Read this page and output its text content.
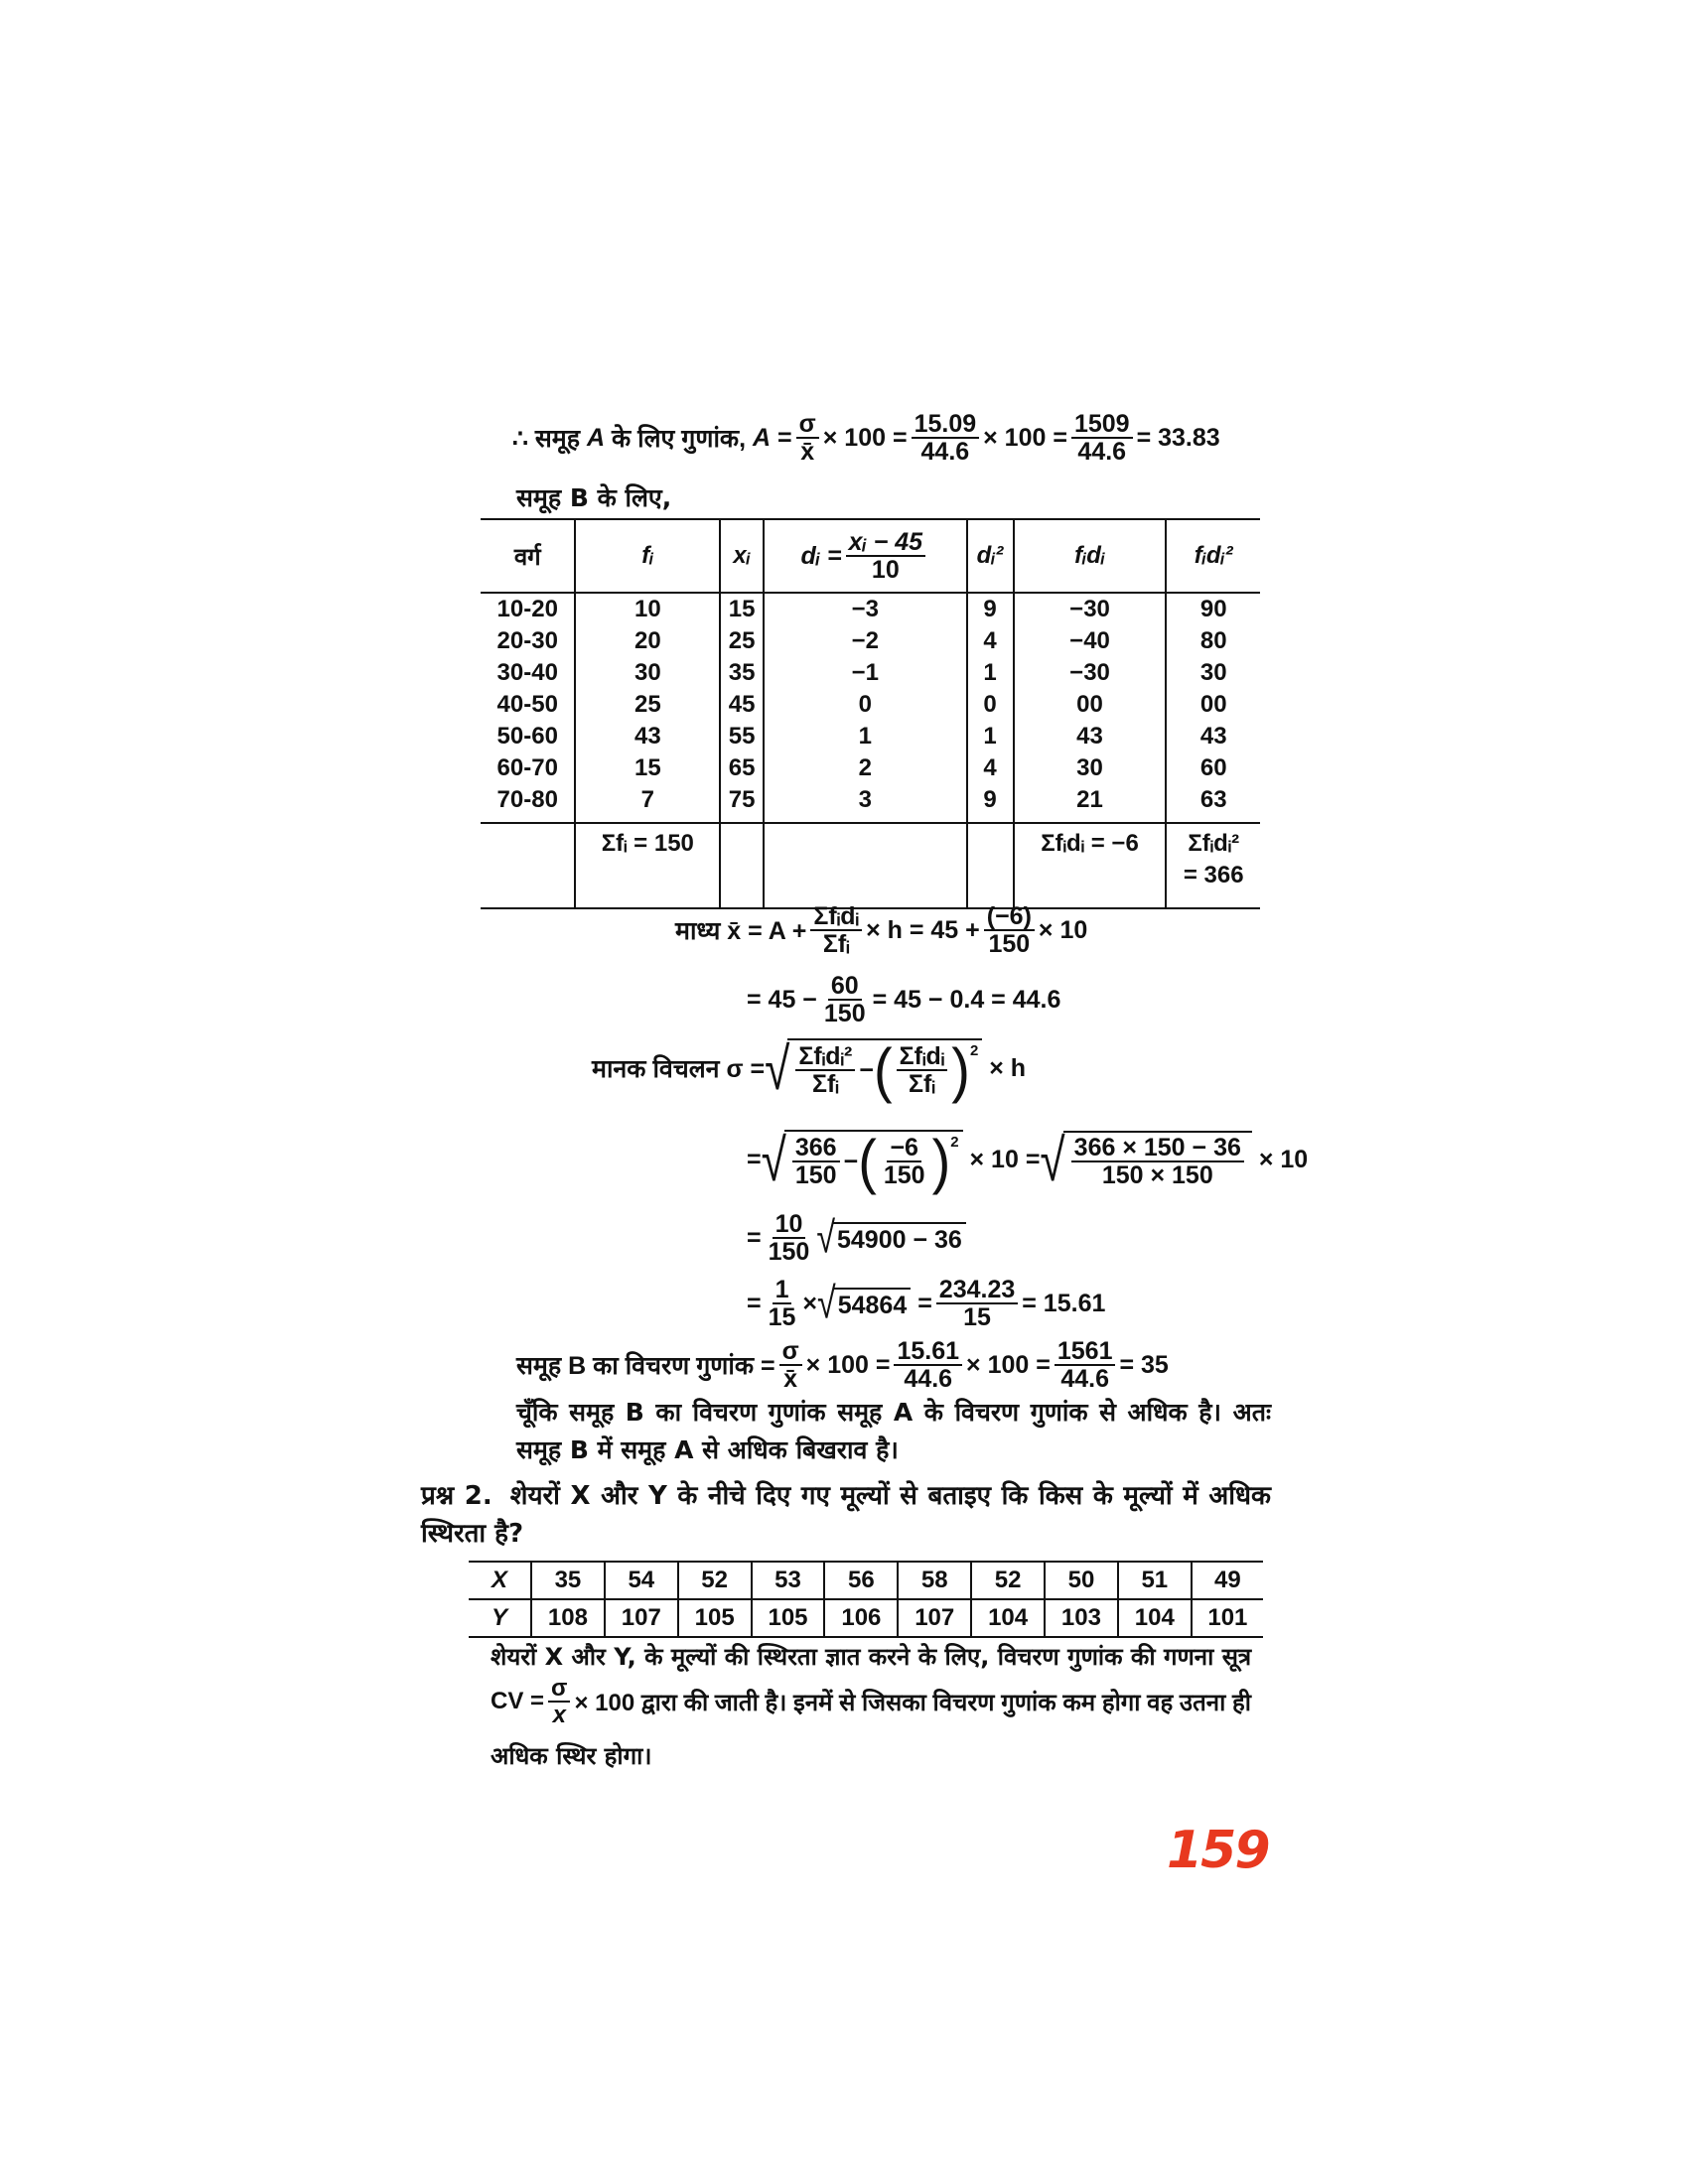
∴ समूह
A
के लिए गुणांक,
A
= $\frac{\sigma}{x̄} \times 100 = \frac{15.09}{44.6} \times 100 = \frac{1509}{44.6} = 33.83$
समूह B के लिए,
वर्ग	fᵢ	xᵢ	dᵢ = $\frac{\text{xᵢ − 45}}{10}$	dᵢ²	fᵢdᵢ	fᵢdᵢ²
10-20	10	15	−3	9	−30	90
20-30	20	25	−2	4	−40	80
30-40	30	35	−1	1	−30	30
40-50	25	45	0	0	00	00
50-60	43	55	1	1	43	43
60-70	15	65	2	4	30	60
70-80	7	75	3	9	21	63
	Σfᵢ = 150				Σfᵢdᵢ = −6	Σfᵢdᵢ²
= 366
माध्य x̄ = $A + \frac{\text{Σfᵢdᵢ}}{\text{Σfᵢ}} \times h = 45 + \frac{(-6)}{150} \times 10$
= $45 - \frac{60}{150} = 45 - 0.4 = 44.6$
मानक विचलन σ = √ $\frac{\text{Σfᵢdᵢ²}}{\text{Σfᵢ}}$ − ( $\frac{\text{Σfᵢdᵢ}}{\text{Σfᵢ}} )^2$

× h
= √ $\frac{366}{150}$ − ( $\frac{-6}{150} )^2$

× 10 = √ $\frac{366 \times 150 - 36}{150 \times 150}$
× 10
= $\frac{10}{150}$ √ 54900 − 36
= $\frac{1}{15}$ × √ 54864
= $\frac{234.23}{15} = 15.61$
समूह B का विचरण गुणांक = $\frac{\sigma}{x̄} \times 100 = \frac{15.61}{44.6} \times 100 = \frac{1561}{44.6} = 35$
चूँकि समूह B का विचरण गुणांक समूह A के विचरण गुणांक से अधिक है। अतः समूह B में समूह A से अधिक बिखराव है।
प्रश्न 2. शेयरों X और Y के नीचे दिए गए मूल्यों से बताइए कि किस के मूल्यों में अधिक स्थिरता है?
X	35	54	52	53	56	58	52	50	51	49
Y	108	107	105	105	106	107	104	103	104	101
शेयरों X और Y, के मूल्यों की स्थिरता ज्ञात करने के लिए, विचरण गुणांक की गणना सूत्र
CV = $\frac{\sigma}{x} \times 100$ द्वारा की जाती है। इनमें से जिसका विचरण गुणांक कम होगा वह उतना ही
अधिक स्थिर होगा।
159
